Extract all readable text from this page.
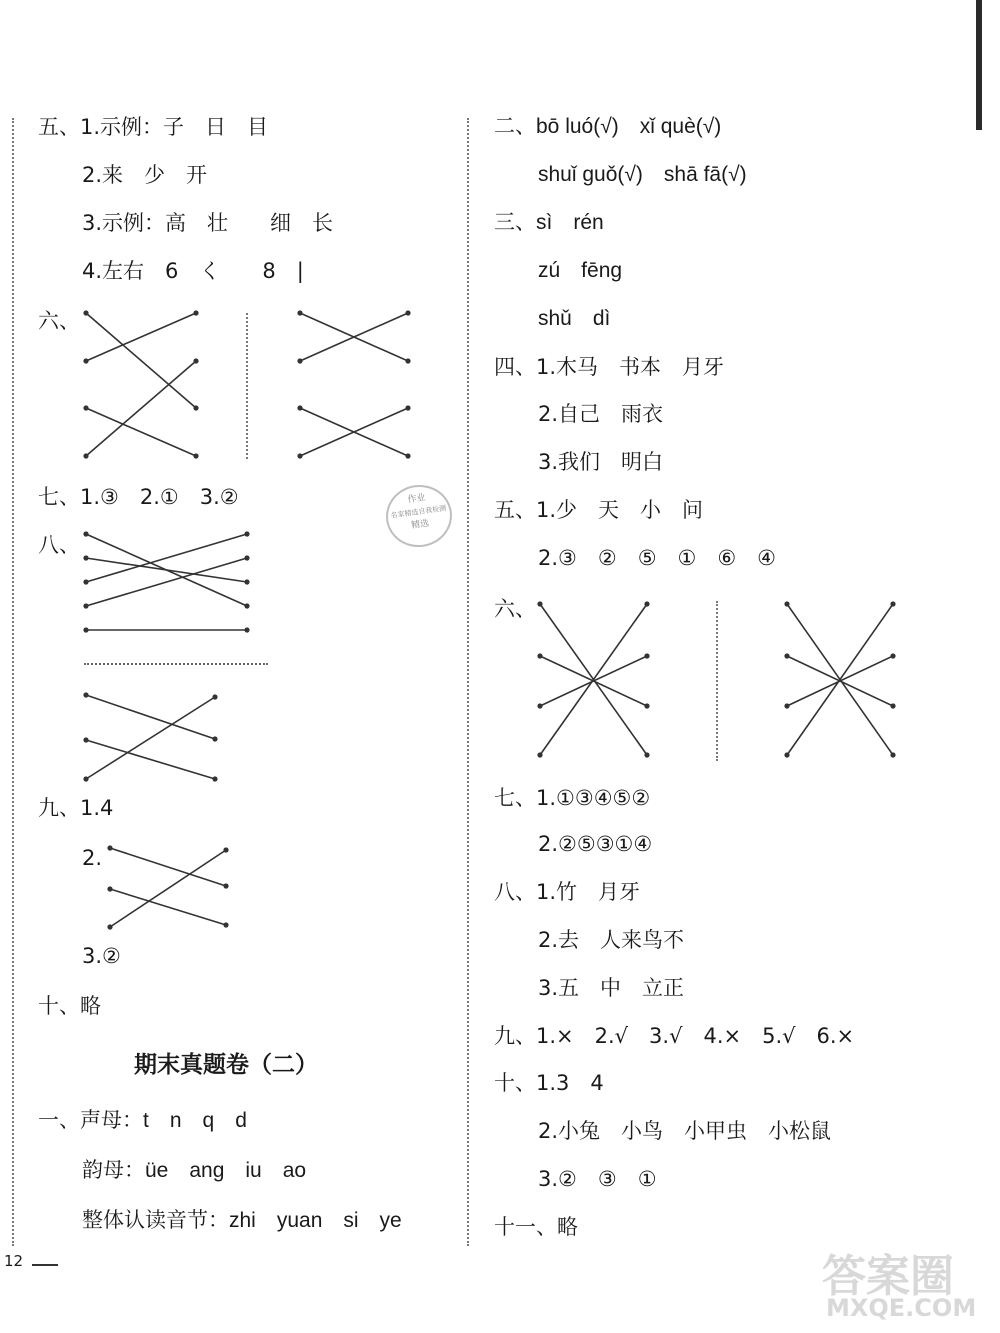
五、1.示例：子　日　目
2.来　少　开
3.示例：高　壮　　细　长
4.左右　6　く　　8　|
六、
七、1.③　2.①　3.②	作业
名家精选自我检测
精选
八、
九、1.4
2.
3.②
十、略
期末真题卷（二）
一、声母：t　n　q　d
韵母：üe　ang　iu　ao
整体认读音节：zhi　yuan　si　ye
二、bō luó(√)　xǐ què(√)
shuǐ guǒ(√)　shā fā(√)
三、sì　rén
zú　fēng
shǔ　dì
四、1.木马　书本　月牙
2.自己　雨衣
3.我们　明白
五、1.少　天　小　问
2.③　②　⑤　①　⑥　④
六、
七、1.①③④⑤②
2.②⑤③①④
八、1.竹　月牙
2.去　人来鸟不
3.五　中　立正
九、1.×　2.√　3.√　4.×　5.√　6.×
十、1.3　4
2.小兔　小鸟　小甲虫　小松鼠
3.②　③　①
十一、略
12	答案圈
MXQE.COM
